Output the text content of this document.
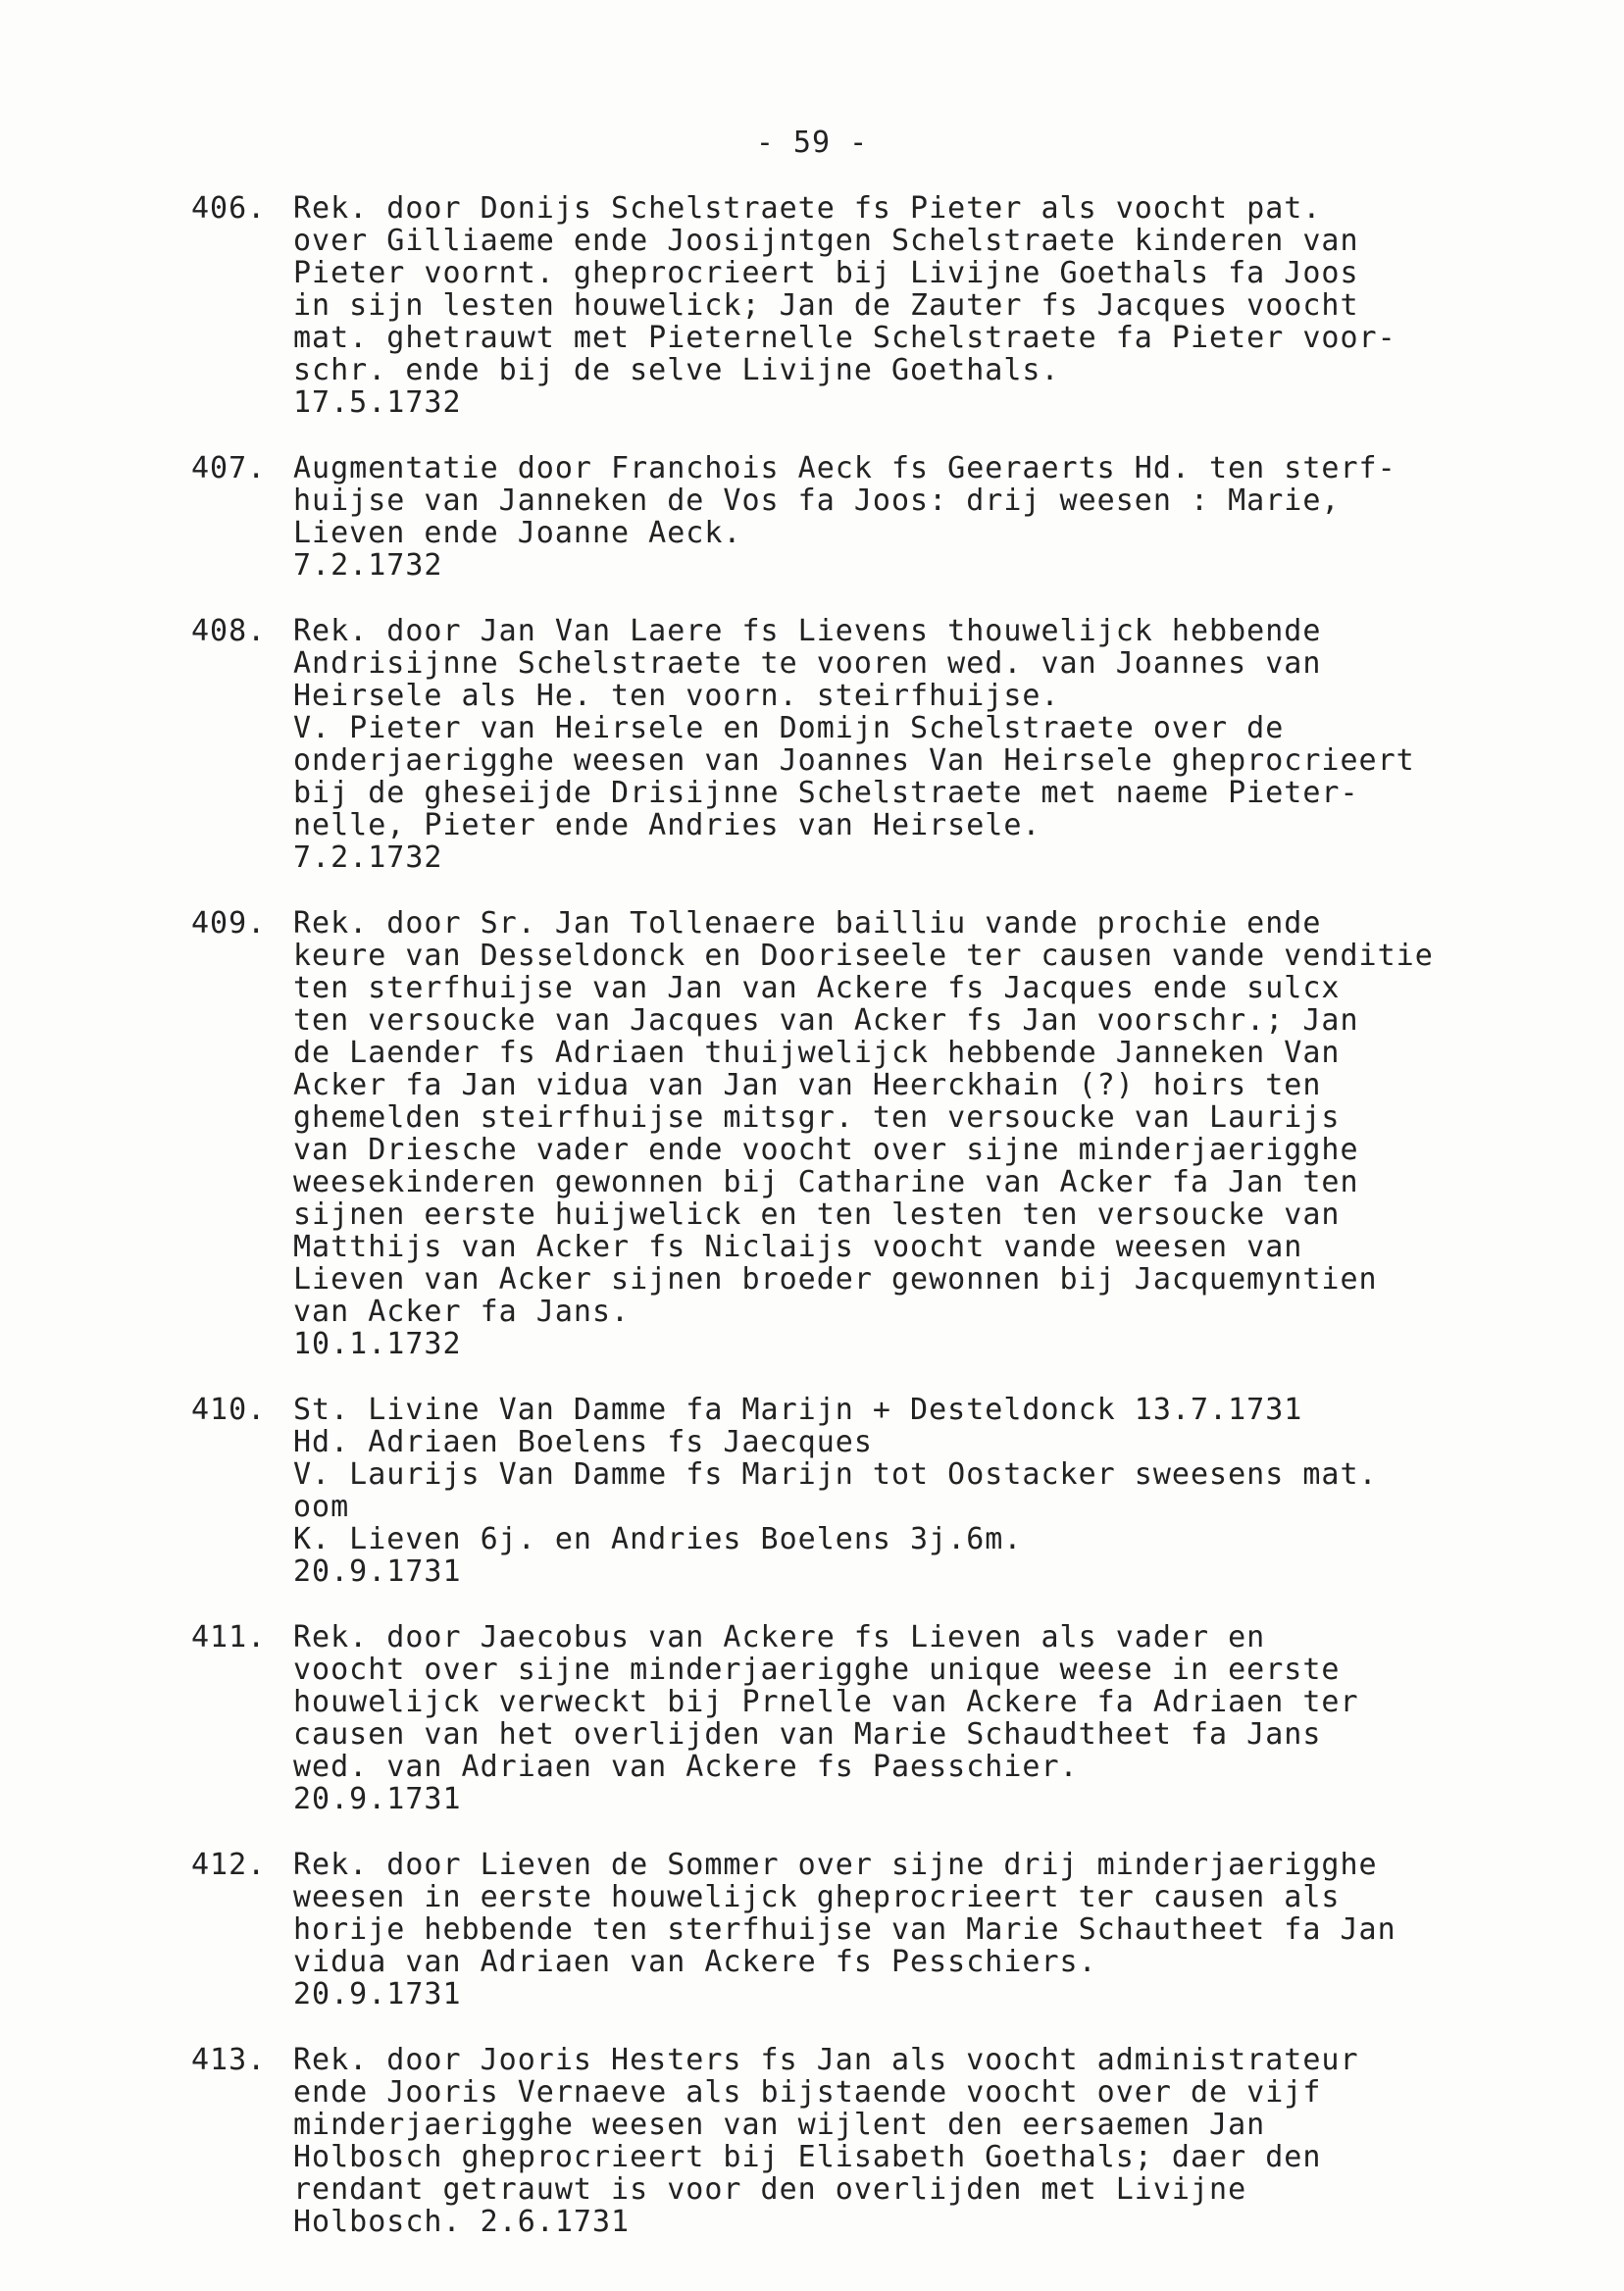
- 59 -
406. Rek. door Donijs Schelstraete fs Pieter als voocht pat.
over Gilliaeme ende Joosijntgen Schelstraete kinderen van
Pieter voornt. gheprocrieert bij Livijne Goethals fa Joos
in sijn lesten houwelick; Jan de Zauter fs Jacques voocht
mat. ghetrauwt met Pieternelle Schelstraete fa Pieter voor-
schr. ende bij de selve Livijne Goethals.
17.5.1732
407. Augmentatie door Franchois Aeck fs Geeraerts Hd. ten sterf-
huijse van Janneken de Vos fa Joos: drij weesen : Marie,
Lieven ende Joanne Aeck.
7.2.1732
408. Rek. door Jan Van Laere fs Lievens thouwelijck hebbende
Andrisijnne Schelstraete te vooren wed. van Joannes van
Heirsele als He. ten voorn. steirfhuijse.
V. Pieter van Heirsele en Domijn Schelstraete over de
onderjaerigghe weesen van Joannes Van Heirsele gheprocrieert
bij de gheseijde Drisijnne Schelstraete met naeme Pieter-
nelle, Pieter ende Andries van Heirsele.
7.2.1732
409. Rek. door Sr. Jan Tollenaere bailliu vande prochie ende
keure van Desseldonck en Dooriseele ter causen vande venditie
ten sterfhuijse van Jan van Ackere fs Jacques ende sulcx
ten versoucke van Jacques van Acker fs Jan voorschr.; Jan
de Laender fs Adriaen thuijwelijck hebbende Janneken Van
Acker fa Jan vidua van Jan van Heerckhain (?) hoirs ten
ghemelden steirfhuijse mitsgr. ten versoucke van Laurijs
van Driesche vader ende voocht over sijne minderjaerigghe
weesekinderen gewonnen bij Catharine van Acker fa Jan ten
sijnen eerste huijwelick en ten lesten ten versoucke van
Matthijs van Acker fs Niclaijs voocht vande weesen van
Lieven van Acker sijnen broeder gewonnen bij Jacquemyntien
van Acker fa Jans.
10.1.1732
410. St. Livine Van Damme fa Marijn + Desteldonck 13.7.1731
Hd. Adriaen Boelens fs Jaecques
V. Laurijs Van Damme fs Marijn tot Oostacker sweesens mat.
oom
K. Lieven 6j. en Andries Boelens 3j.6m.
20.9.1731
411. Rek. door Jaecobus van Ackere fs Lieven als vader en
voocht over sijne minderjaerigghe unique weese in eerste
houwelijck verweckt bij Prnelle van Ackere fa Adriaen ter
causen van het overlijden van Marie Schaudtheet fa Jans
wed. van Adriaen van Ackere fs Paesschier.
20.9.1731
412. Rek. door Lieven de Sommer over sijne drij minderjaerigghe
weesen in eerste houwelijck gheprocrieert ter causen als
horije hebbende ten sterfhuijse van Marie Schautheet fa Jan
vidua van Adriaen van Ackere fs Pesschiers.
20.9.1731
413. Rek. door Jooris Hesters fs Jan als voocht administrateur
ende Jooris Vernaeve als bijstaende voocht over de vijf
minderjaerigghe weesen van wijlent den eersaemen Jan
Holbosch gheprocrieert bij Elisabeth Goethals; daer den
rendant getrauwt is voor den overlijden met Livijne
Holbosch. 2.6.1731
